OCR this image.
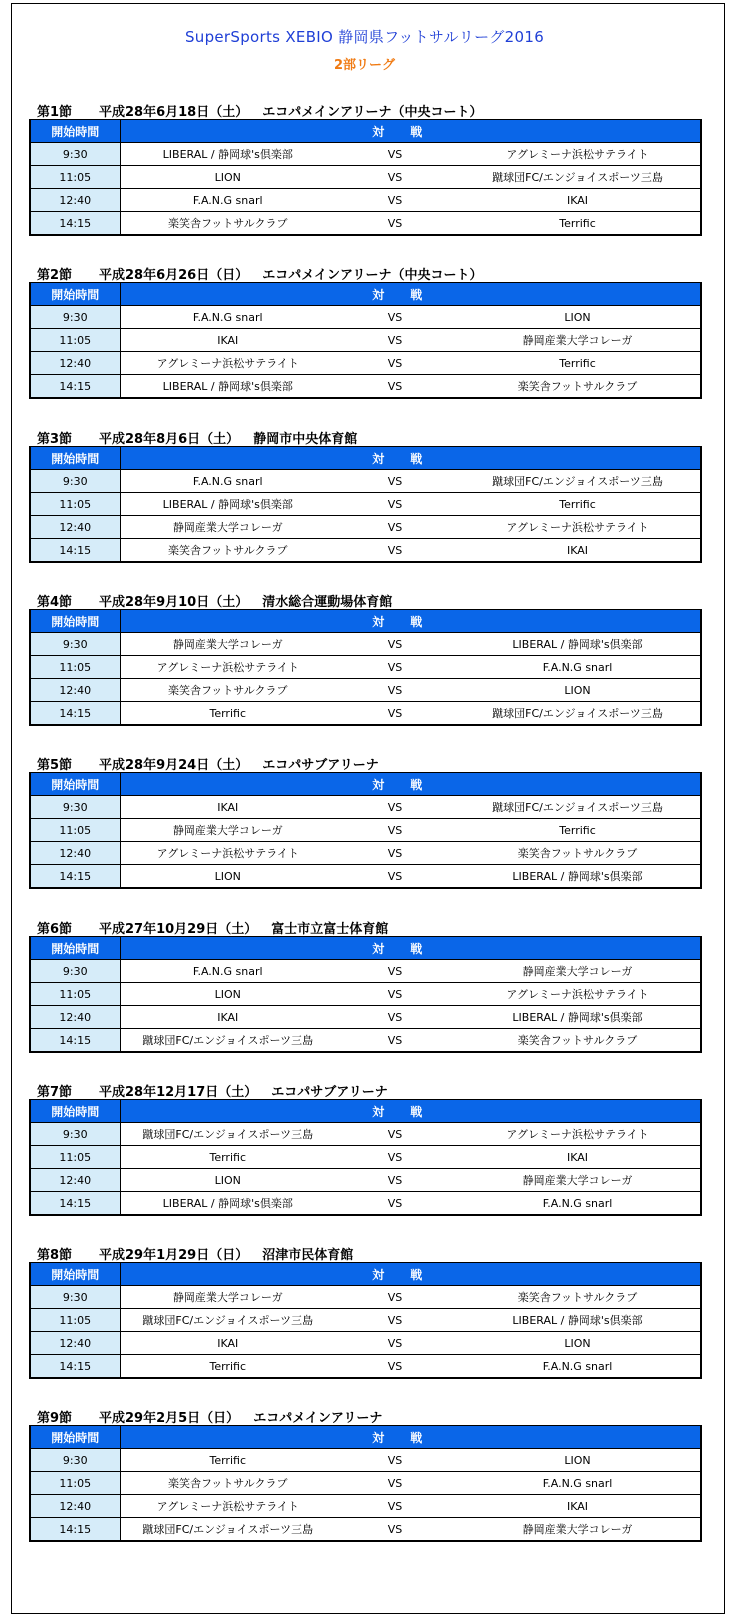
SuperSports XEBIO 静岡県フットサルリーグ2016
2部リーグ
第1節 平成28年6月18日（土） エコパメインアリーナ（中央コート）
開始時間	対戦		
9:30	LIBERAL / 静岡球's倶楽部	VS	アグレミーナ浜松サテライト
11:05	LION	VS	蹴球団FC/エンジョイスポーツ三島
12:40	F.A.N.G snarl	VS	IKAI
14:15	楽笑舎フットサルクラブ	VS	Terrific
第2節 平成28年6月26日（日） エコパメインアリーナ（中央コート）
開始時間	対戦		
9:30	F.A.N.G snarl	VS	LION
11:05	IKAI	VS	静岡産業大学コレーガ
12:40	アグレミーナ浜松サテライト	VS	Terrific
14:15	LIBERAL / 静岡球's倶楽部	VS	楽笑舎フットサルクラブ
第3節 平成28年8月6日（土） 静岡市中央体育館
開始時間	対戦		
9:30	F.A.N.G snarl	VS	蹴球団FC/エンジョイスポーツ三島
11:05	LIBERAL / 静岡球's倶楽部	VS	Terrific
12:40	静岡産業大学コレーガ	VS	アグレミーナ浜松サテライト
14:15	楽笑舎フットサルクラブ	VS	IKAI
第4節 平成28年9月10日（土） 清水総合運動場体育館
開始時間	対戦		
9:30	静岡産業大学コレーガ	VS	LIBERAL / 静岡球's倶楽部
11:05	アグレミーナ浜松サテライト	VS	F.A.N.G snarl
12:40	楽笑舎フットサルクラブ	VS	LION
14:15	Terrific	VS	蹴球団FC/エンジョイスポーツ三島
第5節 平成28年9月24日（土） エコパサブアリーナ
開始時間	対戦		
9:30	IKAI	VS	蹴球団FC/エンジョイスポーツ三島
11:05	静岡産業大学コレーガ	VS	Terrific
12:40	アグレミーナ浜松サテライト	VS	楽笑舎フットサルクラブ
14:15	LION	VS	LIBERAL / 静岡球's倶楽部
第6節 平成27年10月29日（土） 富士市立富士体育館
開始時間	対戦		
9:30	F.A.N.G snarl	VS	静岡産業大学コレーガ
11:05	LION	VS	アグレミーナ浜松サテライト
12:40	IKAI	VS	LIBERAL / 静岡球's倶楽部
14:15	蹴球団FC/エンジョイスポーツ三島	VS	楽笑舎フットサルクラブ
第7節 平成28年12月17日（土） エコパサブアリーナ
開始時間	対戦		
9:30	蹴球団FC/エンジョイスポーツ三島	VS	アグレミーナ浜松サテライト
11:05	Terrific	VS	IKAI
12:40	LION	VS	静岡産業大学コレーガ
14:15	LIBERAL / 静岡球's倶楽部	VS	F.A.N.G snarl
第8節 平成29年1月29日（日） 沼津市民体育館
開始時間	対戦		
9:30	静岡産業大学コレーガ	VS	楽笑舎フットサルクラブ
11:05	蹴球団FC/エンジョイスポーツ三島	VS	LIBERAL / 静岡球's倶楽部
12:40	IKAI	VS	LION
14:15	Terrific	VS	F.A.N.G snarl
第9節 平成29年2月5日（日） エコパメインアリーナ
開始時間	対戦		
9:30	Terrific	VS	LION
11:05	楽笑舎フットサルクラブ	VS	F.A.N.G snarl
12:40	アグレミーナ浜松サテライト	VS	IKAI
14:15	蹴球団FC/エンジョイスポーツ三島	VS	静岡産業大学コレーガ
